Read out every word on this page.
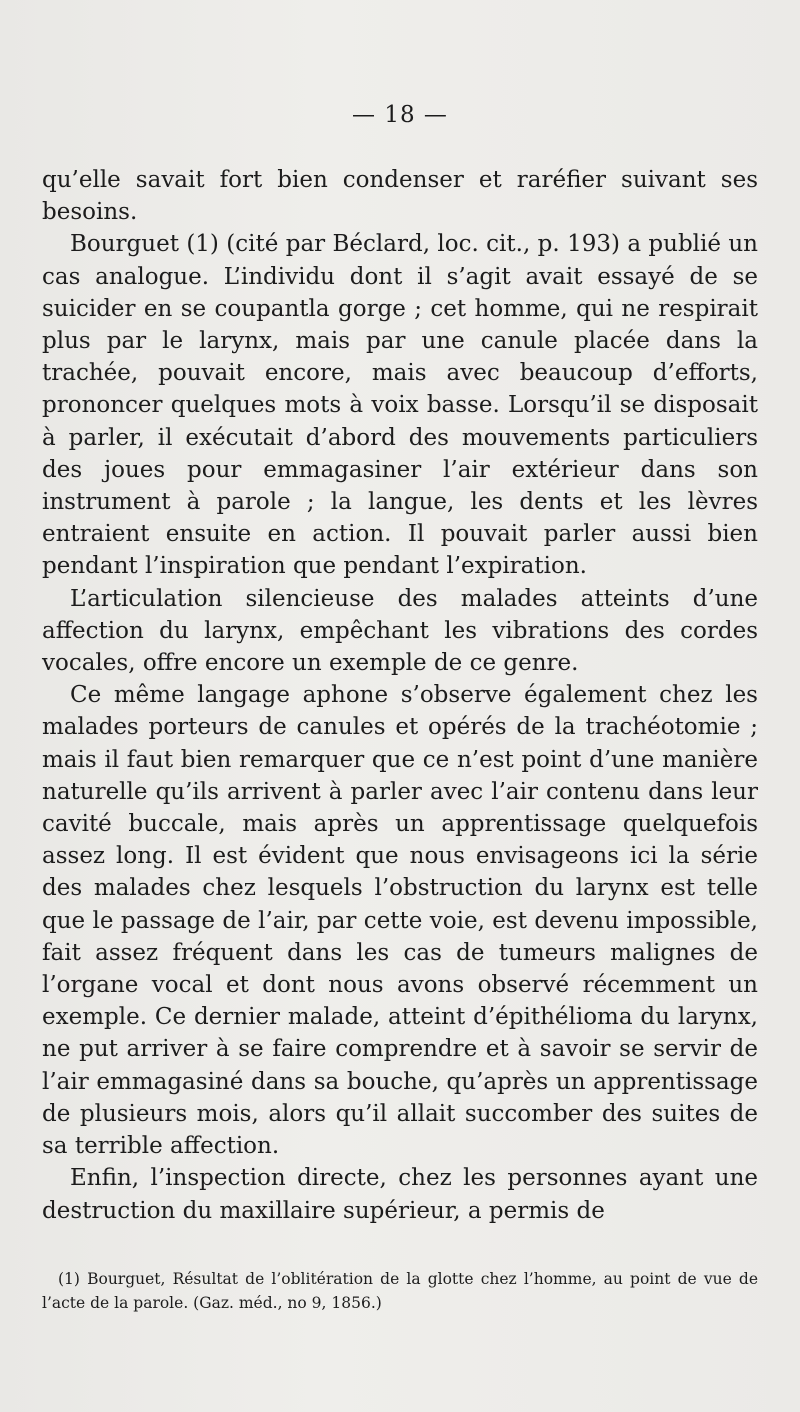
— 18 —

qu’elle savait fort bien condenser et raréfier suivant ses besoins.

Bourguet (1) (cité par Béclard, loc. cit., p. 193) a publié un cas analogue. L’individu dont il s’agit avait essayé de se suicider en se coupantla gorge ; cet homme, qui ne respirait plus par le larynx, mais par une canule placée dans la trachée, pouvait encore, mais avec beaucoup d’efforts, prononcer quelques mots à voix basse. Lorsqu’il se disposait à parler, il exécutait d’abord des mouvements particuliers des joues pour emmagasiner l’air extérieur dans son instrument à parole ; la langue, les dents et les lèvres entraient ensuite en action. Il pouvait parler aussi bien pendant l’inspiration que pendant l’expiration.

L’articulation silencieuse des malades atteints d’une affection du larynx, empêchant les vibrations des cordes vocales, offre encore un exemple de ce genre.

Ce même langage aphone s’observe également chez les malades porteurs de canules et opérés de la trachéotomie ; mais il faut bien remarquer que ce n’est point d’une manière naturelle qu’ils arrivent à parler avec l’air contenu dans leur cavité buccale, mais après un apprentissage quelquefois assez long. Il est évident que nous envisageons ici la série des malades chez lesquels l’obstruction du larynx est telle que le passage de l’air, par cette voie, est devenu impossible, fait assez fréquent dans les cas de tumeurs malignes de l’organe vocal et dont nous avons observé récemment un exemple. Ce dernier malade, atteint d’épithélioma du larynx, ne put arriver à se faire comprendre et à savoir se servir de l’air emmagasiné dans sa bouche, qu’après un apprentissage de plusieurs mois, alors qu’il allait succomber des suites de sa terrible affection.

Enfin, l’inspection directe, chez les personnes ayant une destruction du maxillaire supérieur, a permis de

(1) Bourguet, Résultat de l’oblitération de la glotte chez l’homme, au point de vue de l’acte de la parole. (Gaz. méd., no 9, 1856.)
